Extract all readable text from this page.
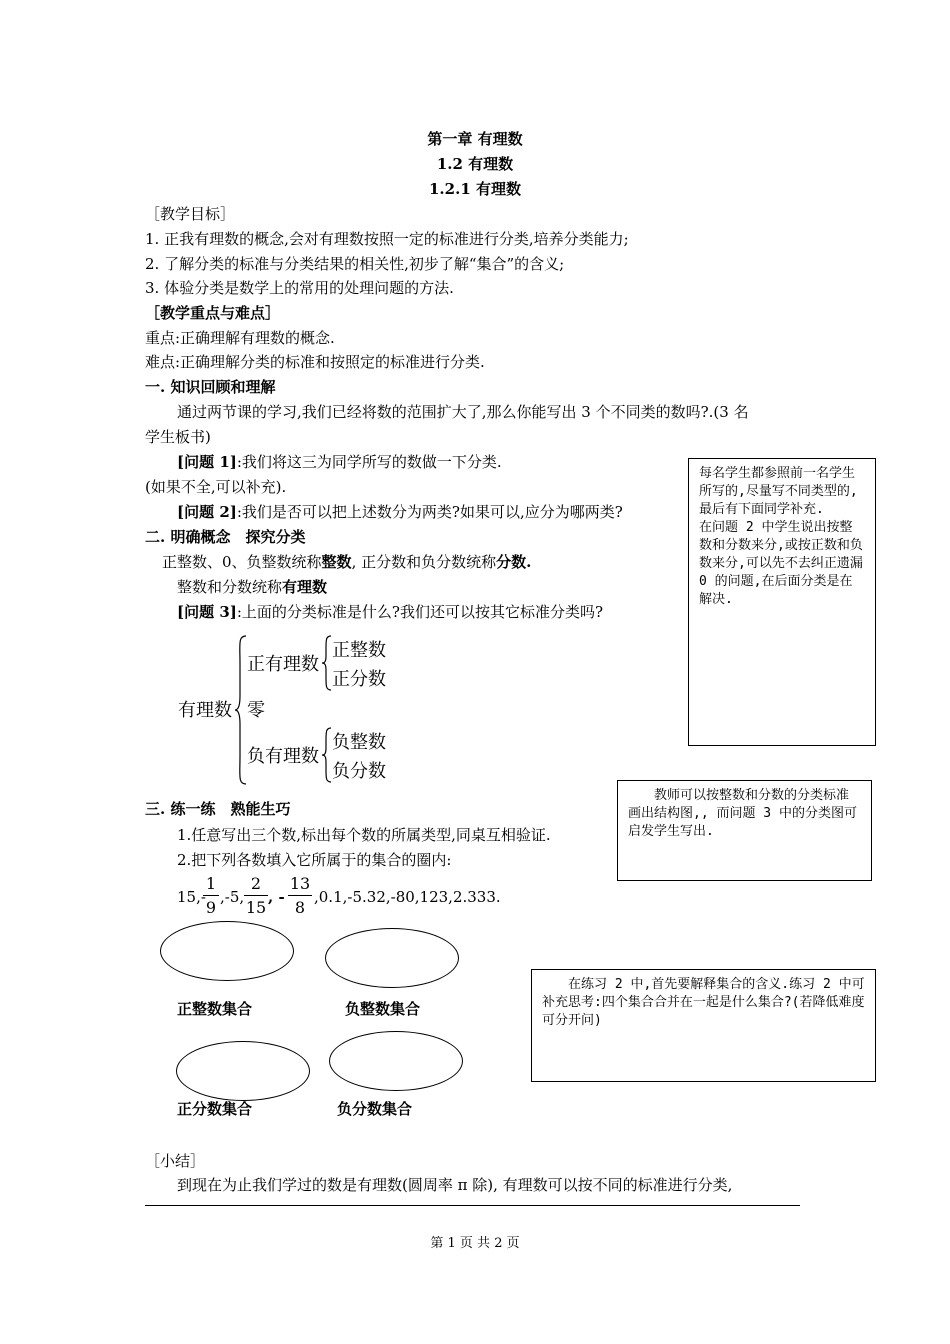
第一章 有理数
1.2 有理数
1.2.1 有理数
［教学目标］
1. 正我有理数的概念,会对有理数按照一定的标准进行分类,培养分类能力;
2. 了解分类的标准与分类结果的相关性,初步了解“集合”的含义;
3. 体验分类是数学上的常用的处理问题的方法.
［教学重点与难点］
重点:正确理解有理数的概念.
难点:正确理解分类的标准和按照定的标准进行分类.
一. 知识回顾和理解
通过两节课的学习,我们已经将数的范围扩大了,那么你能写出 3 个不同类的数吗?.(3 名
学生板书)
[问题 1]:我们将这三为同学所写的数做一下分类.
(如果不全,可以补充).
[问题 2]:我们是否可以把上述数分为两类?如果可以,应分为哪两类?
二. 明确概念　探究分类
正整数、0、负整数统称整数, 正分数和负分数统称分数.
整数和分数统称有理数
[问题 3]:上面的分类标准是什么?我们还可以按其它标准分类吗?
有理数
正有理数
零
负有理数
正整数
正分数
负整数
负分数
三. 练一练　熟能生巧
1.任意写出三个数,标出每个数的所属类型,同桌互相验证.
2.把下列各数填入它所属于的集合的圈内:
15,-
1
9
,-5,
2
15
, -
13
8
,0.1,-5.32,-80,123,2.333.
正整数集合	负整数集合
正分数集合	负分数集合
［小结］
到现在为止我们学过的数是有理数(圆周率 π 除), 有理数可以按不同的标准进行分类,
第 1 页 共 2 页
每名学生都参照前一名学生所写的,尽量写不同类型的,最后有下面同学补充.
在问题 2 中学生说出按整数和分数来分,或按正数和负数来分,可以先不去纠正遗漏 0 的问题,在后面分类是在解决.
　　教师可以按整数和分数的分类标准画出结构图,, 而问题 3 中的分类图可启发学生写出.
　　在练习 2 中,首先要解释集合的含义.练习 2 中可补充思考:四个集合合并在一起是什么集合?(若降低难度可分开问)
